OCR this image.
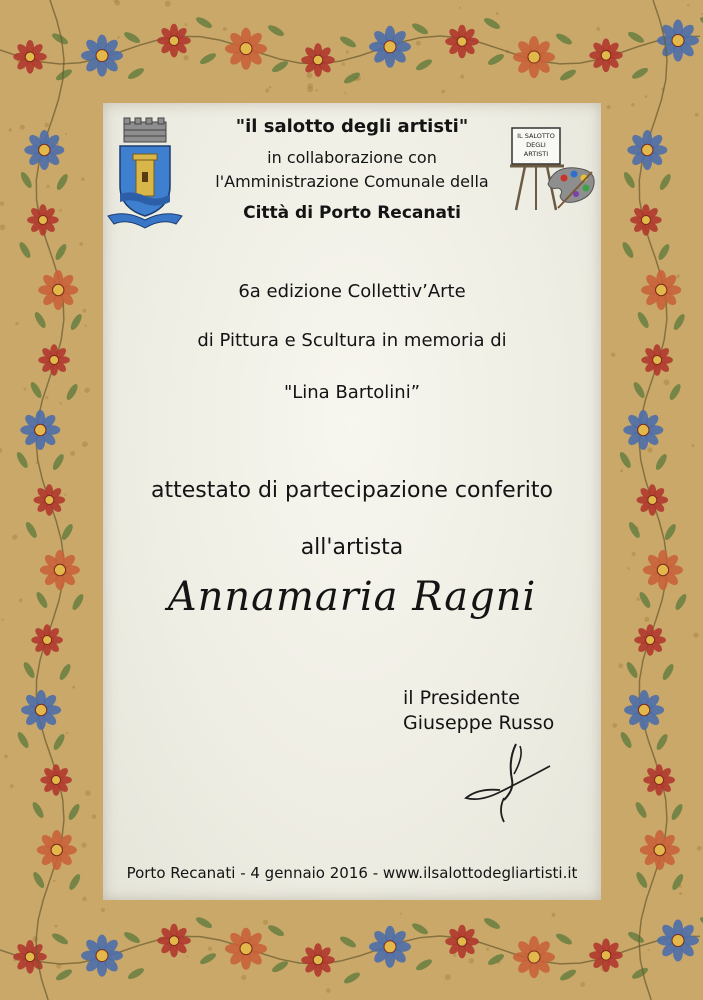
IL SALOTTO
DEGLI
ARTISTI
"il salotto degli artisti"
in collaborazione con
l'Amministrazione Comunale della
Città di Porto Recanati
6a edizione Collettiv’Arte
di Pittura e Scultura in memoria di
"Lina Bartolini”
attestato di partecipazione conferito
all'artista
Annamaria Ragni
il Presidente
Giuseppe Russo
Porto Recanati - 4 gennaio 2016 - www.ilsalottodegliartisti.it
